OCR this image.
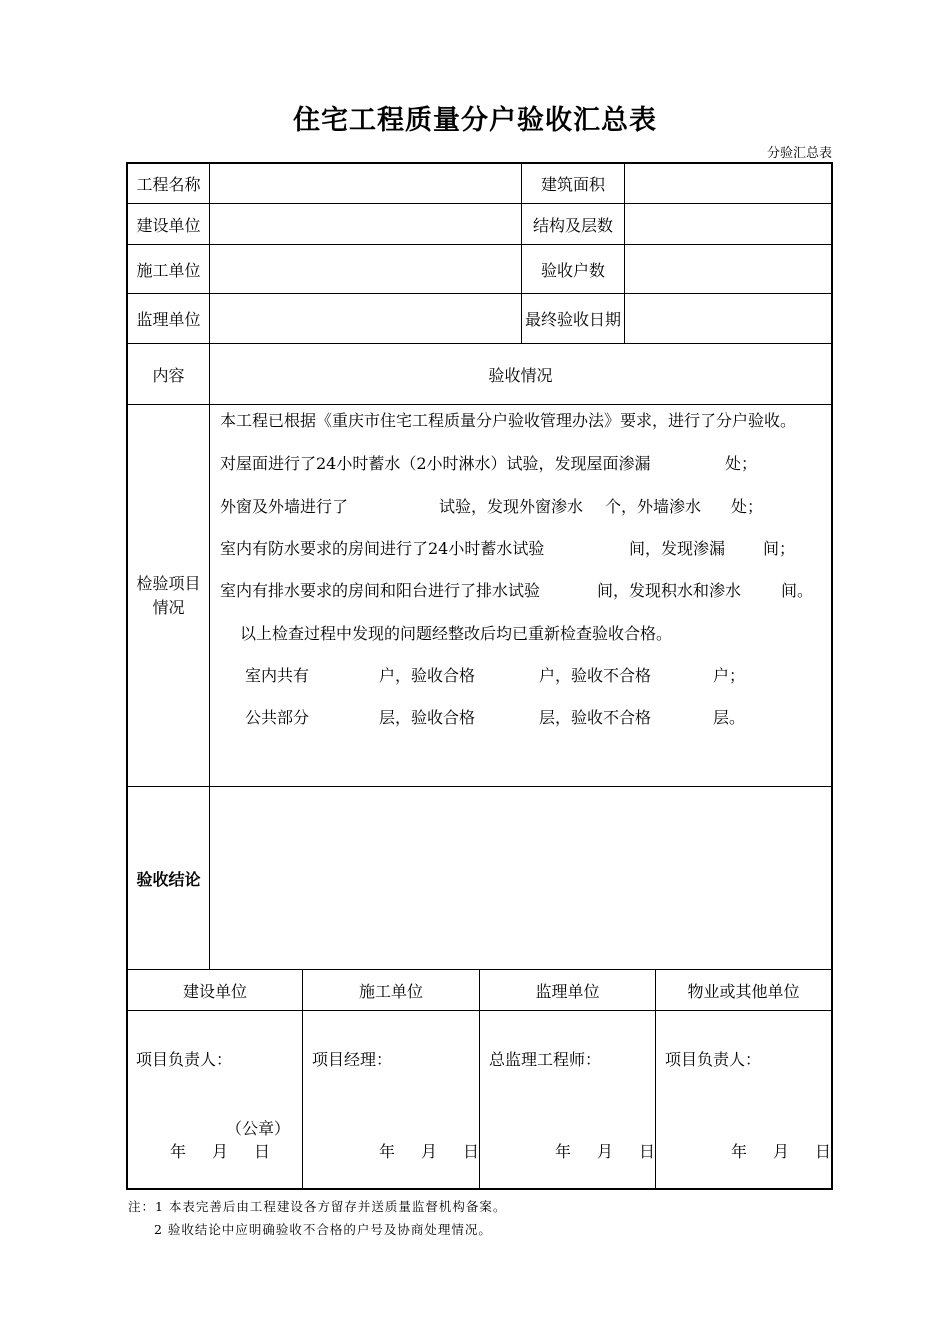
住宅工程质量分户验收汇总表
分验汇总表
工程名称	建筑面积
建设单位	结构及层数
施工单位	验收户数
监理单位	最终验收日期
内容	验收情况
检验项目
情况
本工程已根据《重庆市住宅工程质量分户验收管理办法》要求，进行了分户验收。
对屋面进行了24小时蓄水（2小时淋水）试验，发现屋面渗漏	处；
外窗及外墙进行了	试验，发现外窗渗水 个，外墙渗水 处；
室内有防水要求的房间进行了24小时蓄水试验	间，发现渗漏 间；
室内有排水要求的房间和阳台进行了排水试验	间，发现积水和渗水 间。
以上检查过程中发现的问题经整改后均已重新检查验收合格。
室内共有	户，验收合格	户，验收不合格	户；
公共部分	层，验收合格	层，验收不合格	层。
验收结论
建设单位	施工单位	监理单位	物业或其他单位
项目负责人：	项目经理：	总监理工程师：	项目负责人：
（公章）
年 月 日	年 月 日	年 月 日	年 月 日
注：1 本表完善后由工程建设各方留存并送质量监督机构备案。
2 验收结论中应明确验收不合格的户号及协商处理情况。
